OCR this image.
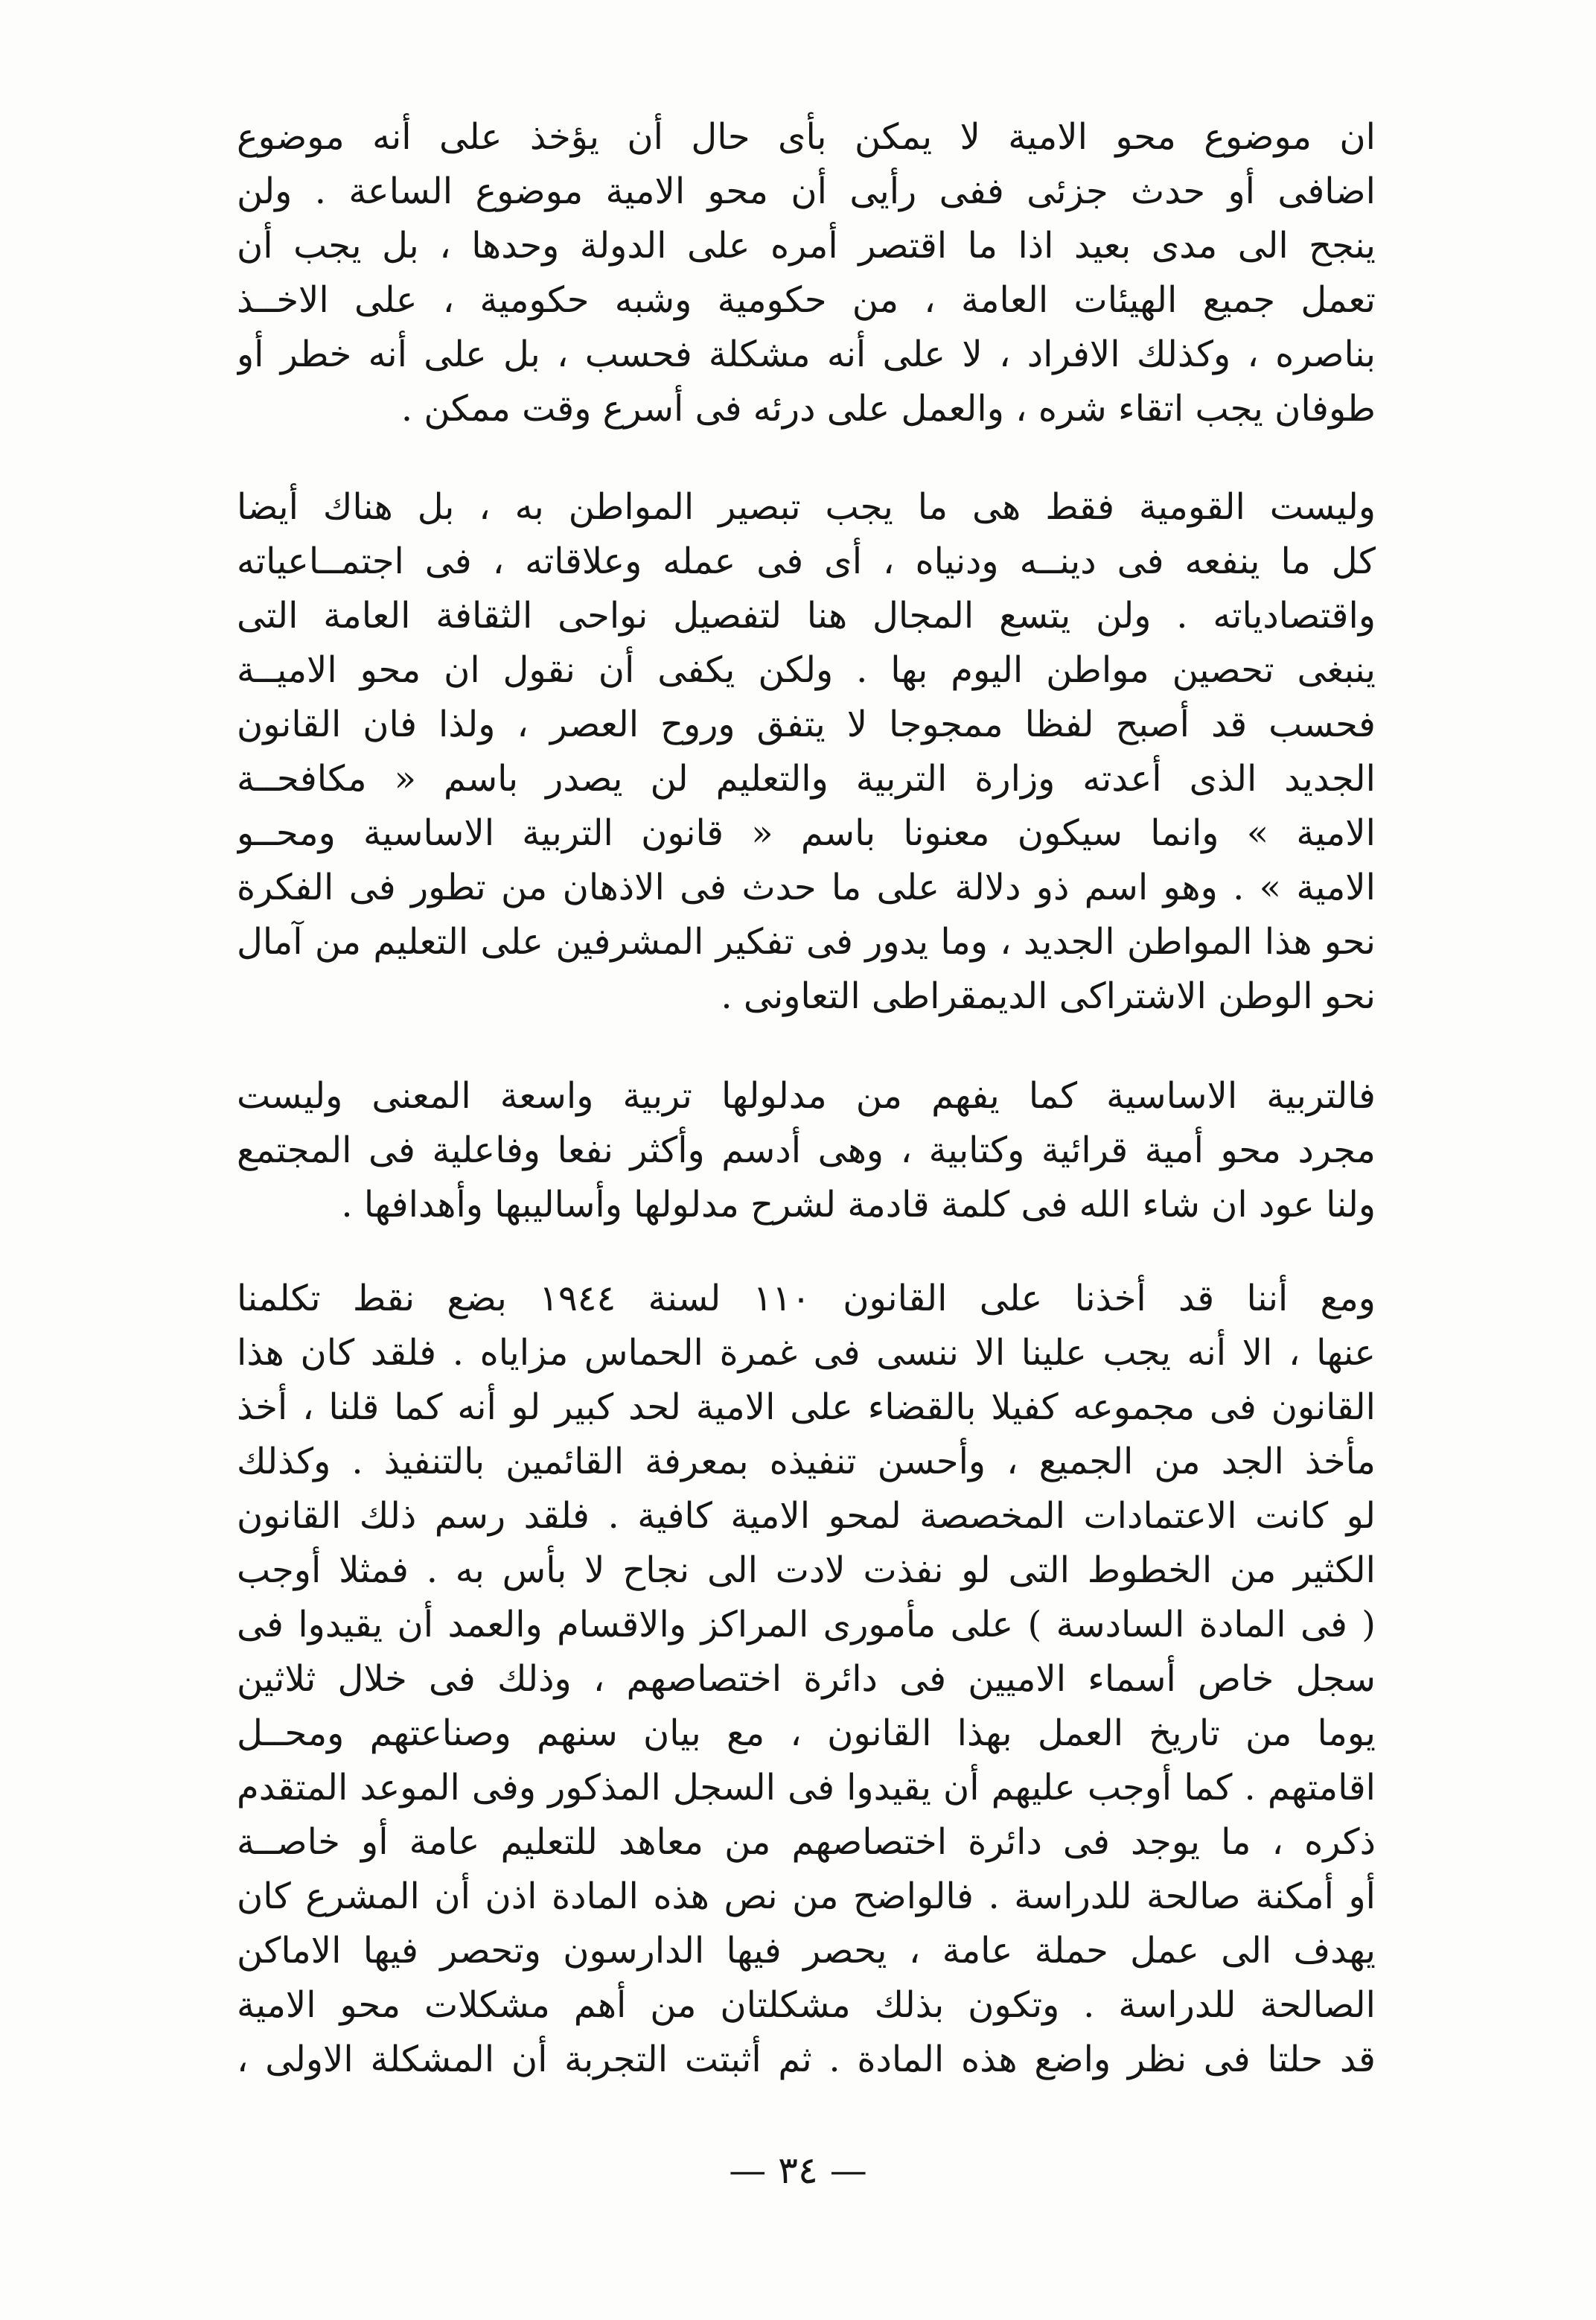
ان موضوع محو الامية لا يمكن بأى حال أن يؤخذ على أنه موضوع
اضافى أو حدث جزئى ففى رأيى أن محو الامية موضوع الساعة . ولن
ينجح الى مدى بعيد اذا ما اقتصر أمره على الدولة وحدها ، بل يجب أن
تعمل جميع الهيئات العامة ، من حكومية وشبه حكومية ، على الاخــذ
بناصره ، وكذلك الافراد ، لا على أنه مشكلة فحسب ، بل على أنه خطر أو
طوفان يجب اتقاء شره ، والعمل على درئه فى أسرع وقت ممكن .
وليست القومية فقط هى ما يجب تبصير المواطن به ، بل هناك أيضا
كل ما ينفعه فى دينــه ودنياه ، أى فى عمله وعلاقاته ، فى اجتمــاعياته
واقتصادياته . ولن يتسع المجال هنا لتفصيل نواحى الثقافة العامة التى
ينبغى تحصين مواطن اليوم بها . ولكن يكفى أن نقول ان محو الاميــة
فحسب قد أصبح لفظا ممجوجا لا يتفق وروح العصر ، ولذا فان القانون
الجديد الذى أعدته وزارة التربية والتعليم لن يصدر باسم « مكافحــة
الامية » وانما سيكون معنونا باسم « قانون التربية الاساسية ومحــو
الامية » . وهو اسم ذو دلالة على ما حدث فى الاذهان من تطور فى الفكرة
نحو هذا المواطن الجديد ، وما يدور فى تفكير المشرفين على التعليم من آمال
نحو الوطن الاشتراكى الديمقراطى التعاونى .
فالتربية الاساسية كما يفهم من مدلولها تربية واسعة المعنى وليست
مجرد محو أمية قرائية وكتابية ، وهى أدسم وأكثر نفعا وفاعلية فى المجتمع
ولنا عود ان شاء الله فى كلمة قادمة لشرح مدلولها وأساليبها وأهدافها .
ومع أننا قد أخذنا على القانون ١١٠ لسنة ١٩٤٤ بضع نقط تكلمنا
عنها ، الا أنه يجب علينا الا ننسى فى غمرة الحماس مزاياه . فلقد كان هذا
القانون فى مجموعه كفيلا بالقضاء على الامية لحد كبير لو أنه كما قلنا ، أخذ
مأخذ الجد من الجميع ، وأحسن تنفيذه بمعرفة القائمين بالتنفيذ . وكذلك
لو كانت الاعتمادات المخصصة لمحو الامية كافية . فلقد رسم ذلك القانون
الكثير من الخطوط التى لو نفذت لادت الى نجاح لا بأس به . فمثلا أوجب
( فى المادة السادسة ) على مأمورى المراكز والاقسام والعمد أن يقيدوا فى
سجل خاص أسماء الاميين فى دائرة اختصاصهم ، وذلك فى خلال ثلاثين
يوما من تاريخ العمل بهذا القانون ، مع بيان سنهم وصناعتهم ومحــل
اقامتهم . كما أوجب عليهم أن يقيدوا فى السجل المذكور وفى الموعد المتقدم
ذكره ، ما يوجد فى دائرة اختصاصهم من معاهد للتعليم عامة أو خاصــة
أو أمكنة صالحة للدراسة . فالواضح من نص هذه المادة اذن أن المشرع كان
يهدف الى عمل حملة عامة ، يحصر فيها الدارسون وتحصر فيها الاماكن
الصالحة للدراسة . وتكون بذلك مشكلتان من أهم مشكلات محو الامية
قد حلتا فى نظر واضع هذه المادة . ثم أثبتت التجربة أن المشكلة الاولى ،
— ٣٤ —
